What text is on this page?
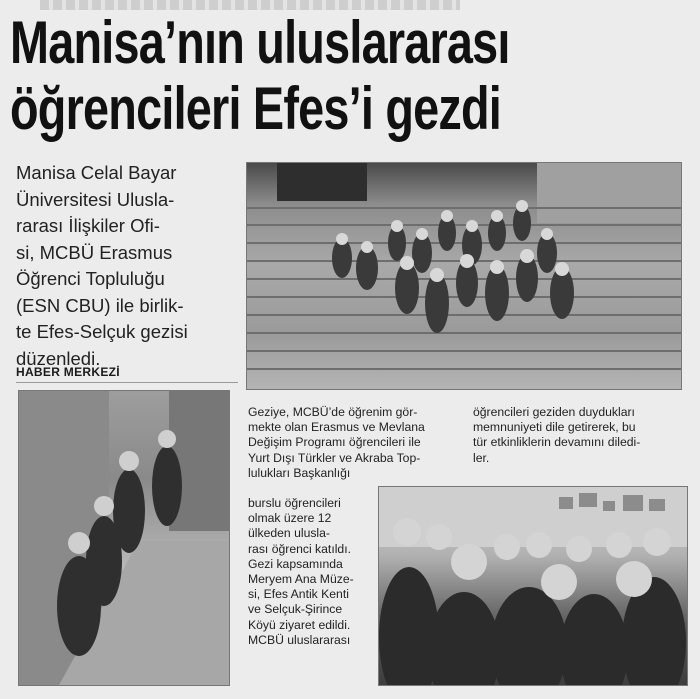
Manisa’nın uluslararası
öğrencileri Efes’i gezdi
Manisa Celal Bayar
Üniversitesi Ulusla-
rarası İlişkiler Ofi-
si, MCBÜ Erasmus
Öğrenci Topluluğu
(ESN CBU) ile birlik-
te Efes-Selçuk gezisi
düzenledi.
HABER MERKEZİ
Geziye, MCBÜ’de öğrenim gör-
mekte olan Erasmus ve Mevlana
Değişim Programı öğrencileri ile
Yurt Dışı Türkler ve Akraba Top-
lulukları Başkanlığı
öğrencileri geziden duydukları
memnuniyeti dile getirerek, bu
tür etkinliklerin devamını diledi-
ler.
burslu öğrencileri
olmak üzere 12
ülkeden ulusla-
rası öğrenci katıldı.
Gezi kapsamında
Meryem Ana Müze-
si, Efes Antik Kenti
ve Selçuk-Şirince
Köyü ziyaret edildi.
MCBÜ uluslararası
